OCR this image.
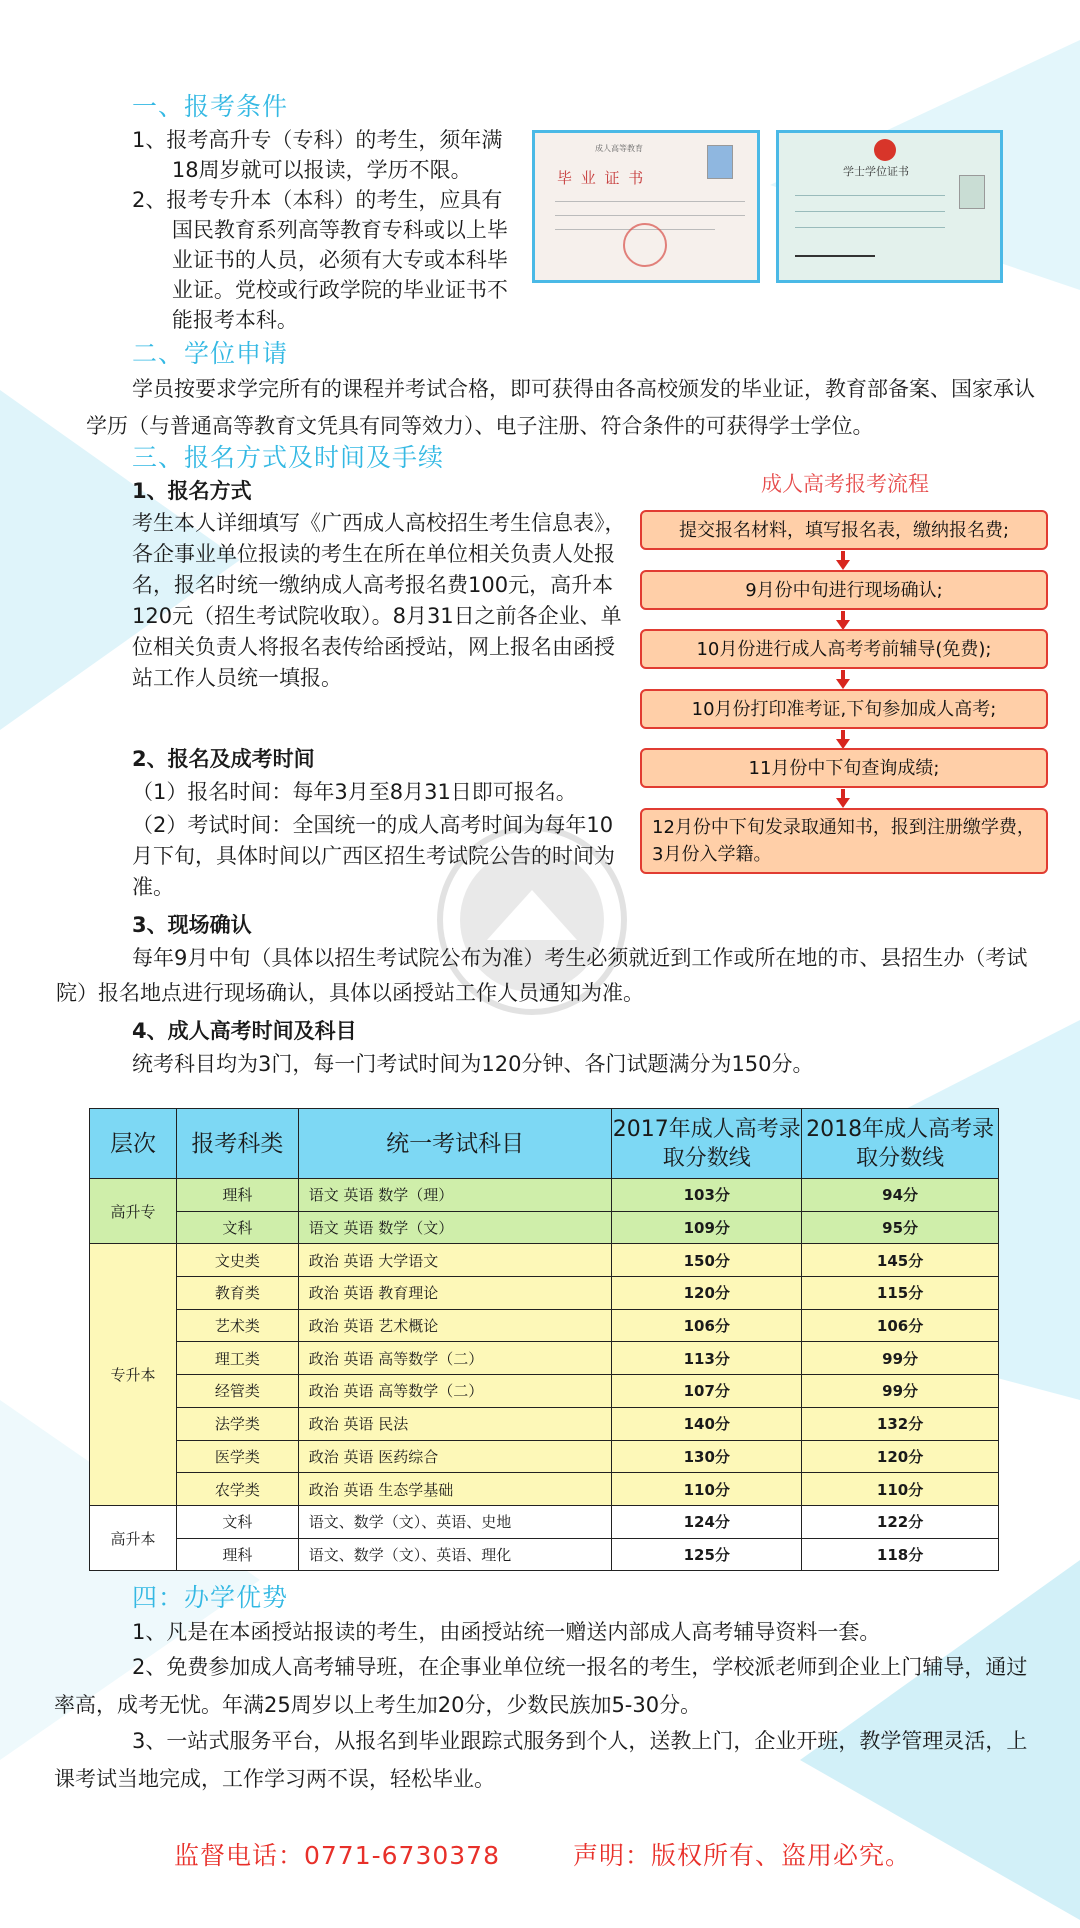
一、报考条件
1、报考高升专（专科）的考生，须年满18周岁就可以报读，学历不限。
2、报考专升本（本科）的考生，应具有国民教育系列高等教育专科或以上毕业证书的人员，必须有大专或本科毕业证。党校或行政学院的毕业证书不能报考本科。
成人高等教育
毕 业 证 书	学士学位证书
二、学位申请
学员按要求学完所有的课程并考试合格，即可获得由各高校颁发的毕业证，教育部备案、国家承认学历（与普通高等教育文凭具有同等效力）、电子注册、符合条件的可获得学士学位。
三、报名方式及时间及手续
1、报名方式
考生本人详细填写《广西成人高校招生考生信息表》，各企事业单位报读的考生在所在单位相关负责人处报名，报名时统一缴纳成人高考报名费100元，高升本120元（招生考试院收取）。8月31日之前各企业、单位相关负责人将报名表传给函授站，网上报名由函授站工作人员统一填报。
2、报名及成考时间
（1）报名时间：每年3月至8月31日即可报名。
（2）考试时间：全国统一的成人高考时间为每年10月下旬，具体时间以广西区招生考试院公告的时间为准。
3、现场确认
每年9月中旬（具体以招生考试院公布为准）考生必须就近到工作或所在地的市、县招生办（考试院）报名地点进行现场确认，具体以函授站工作人员通知为准。
4、成人高考时间及科目
统考科目均为3门，每一门考试时间为120分钟、各门试题满分为150分。
成人高考报考流程
提交报名材料，填写报名表，缴纳报名费;
9月份中旬进行现场确认;
10月份进行成人高考考前辅导(免费);
10月份打印准考证,下旬参加成人高考;
11月份中下旬查询成绩;
12月份中下旬发录取通知书，报到注册缴学费，3月份入学籍。
层次	报考科类	统一考试科目	2017年成人高考录取分数线	2018年成人高考录取分数线
高升专	理科	语文 英语 数学（理）	103分	94分
	文科	语文 英语 数学（文）	109分	95分
专升本	文史类	政治 英语 大学语文	150分	145分
	教育类	政治 英语 教育理论	120分	115分
	艺术类	政治 英语 艺术概论	106分	106分
	理工类	政治 英语 高等数学（二）	113分	99分
	经管类	政治 英语 高等数学（二）	107分	99分
	法学类	政治 英语 民法	140分	132分
	医学类	政治 英语 医药综合	130分	120分
	农学类	政治 英语 生态学基础	110分	110分
高升本	文科	语文、数学（文）、英语、史地	124分	122分
	理科	语文、数学（文）、英语、理化	125分	118分
四：办学优势
1、凡是在本函授站报读的考生，由函授站统一赠送内部成人高考辅导资料一套。
2、免费参加成人高考辅导班，在企事业单位统一报名的考生，学校派老师到企业上门辅导，通过率高，成考无忧。年满25周岁以上考生加20分，少数民族加5-30分。
3、一站式服务平台，从报名到毕业跟踪式服务到个人，送教上门，企业开班，教学管理灵活，上课考试当地完成，工作学习两不误，轻松毕业。
监督电话：0771-6730378	声明：版权所有、盗用必究。
